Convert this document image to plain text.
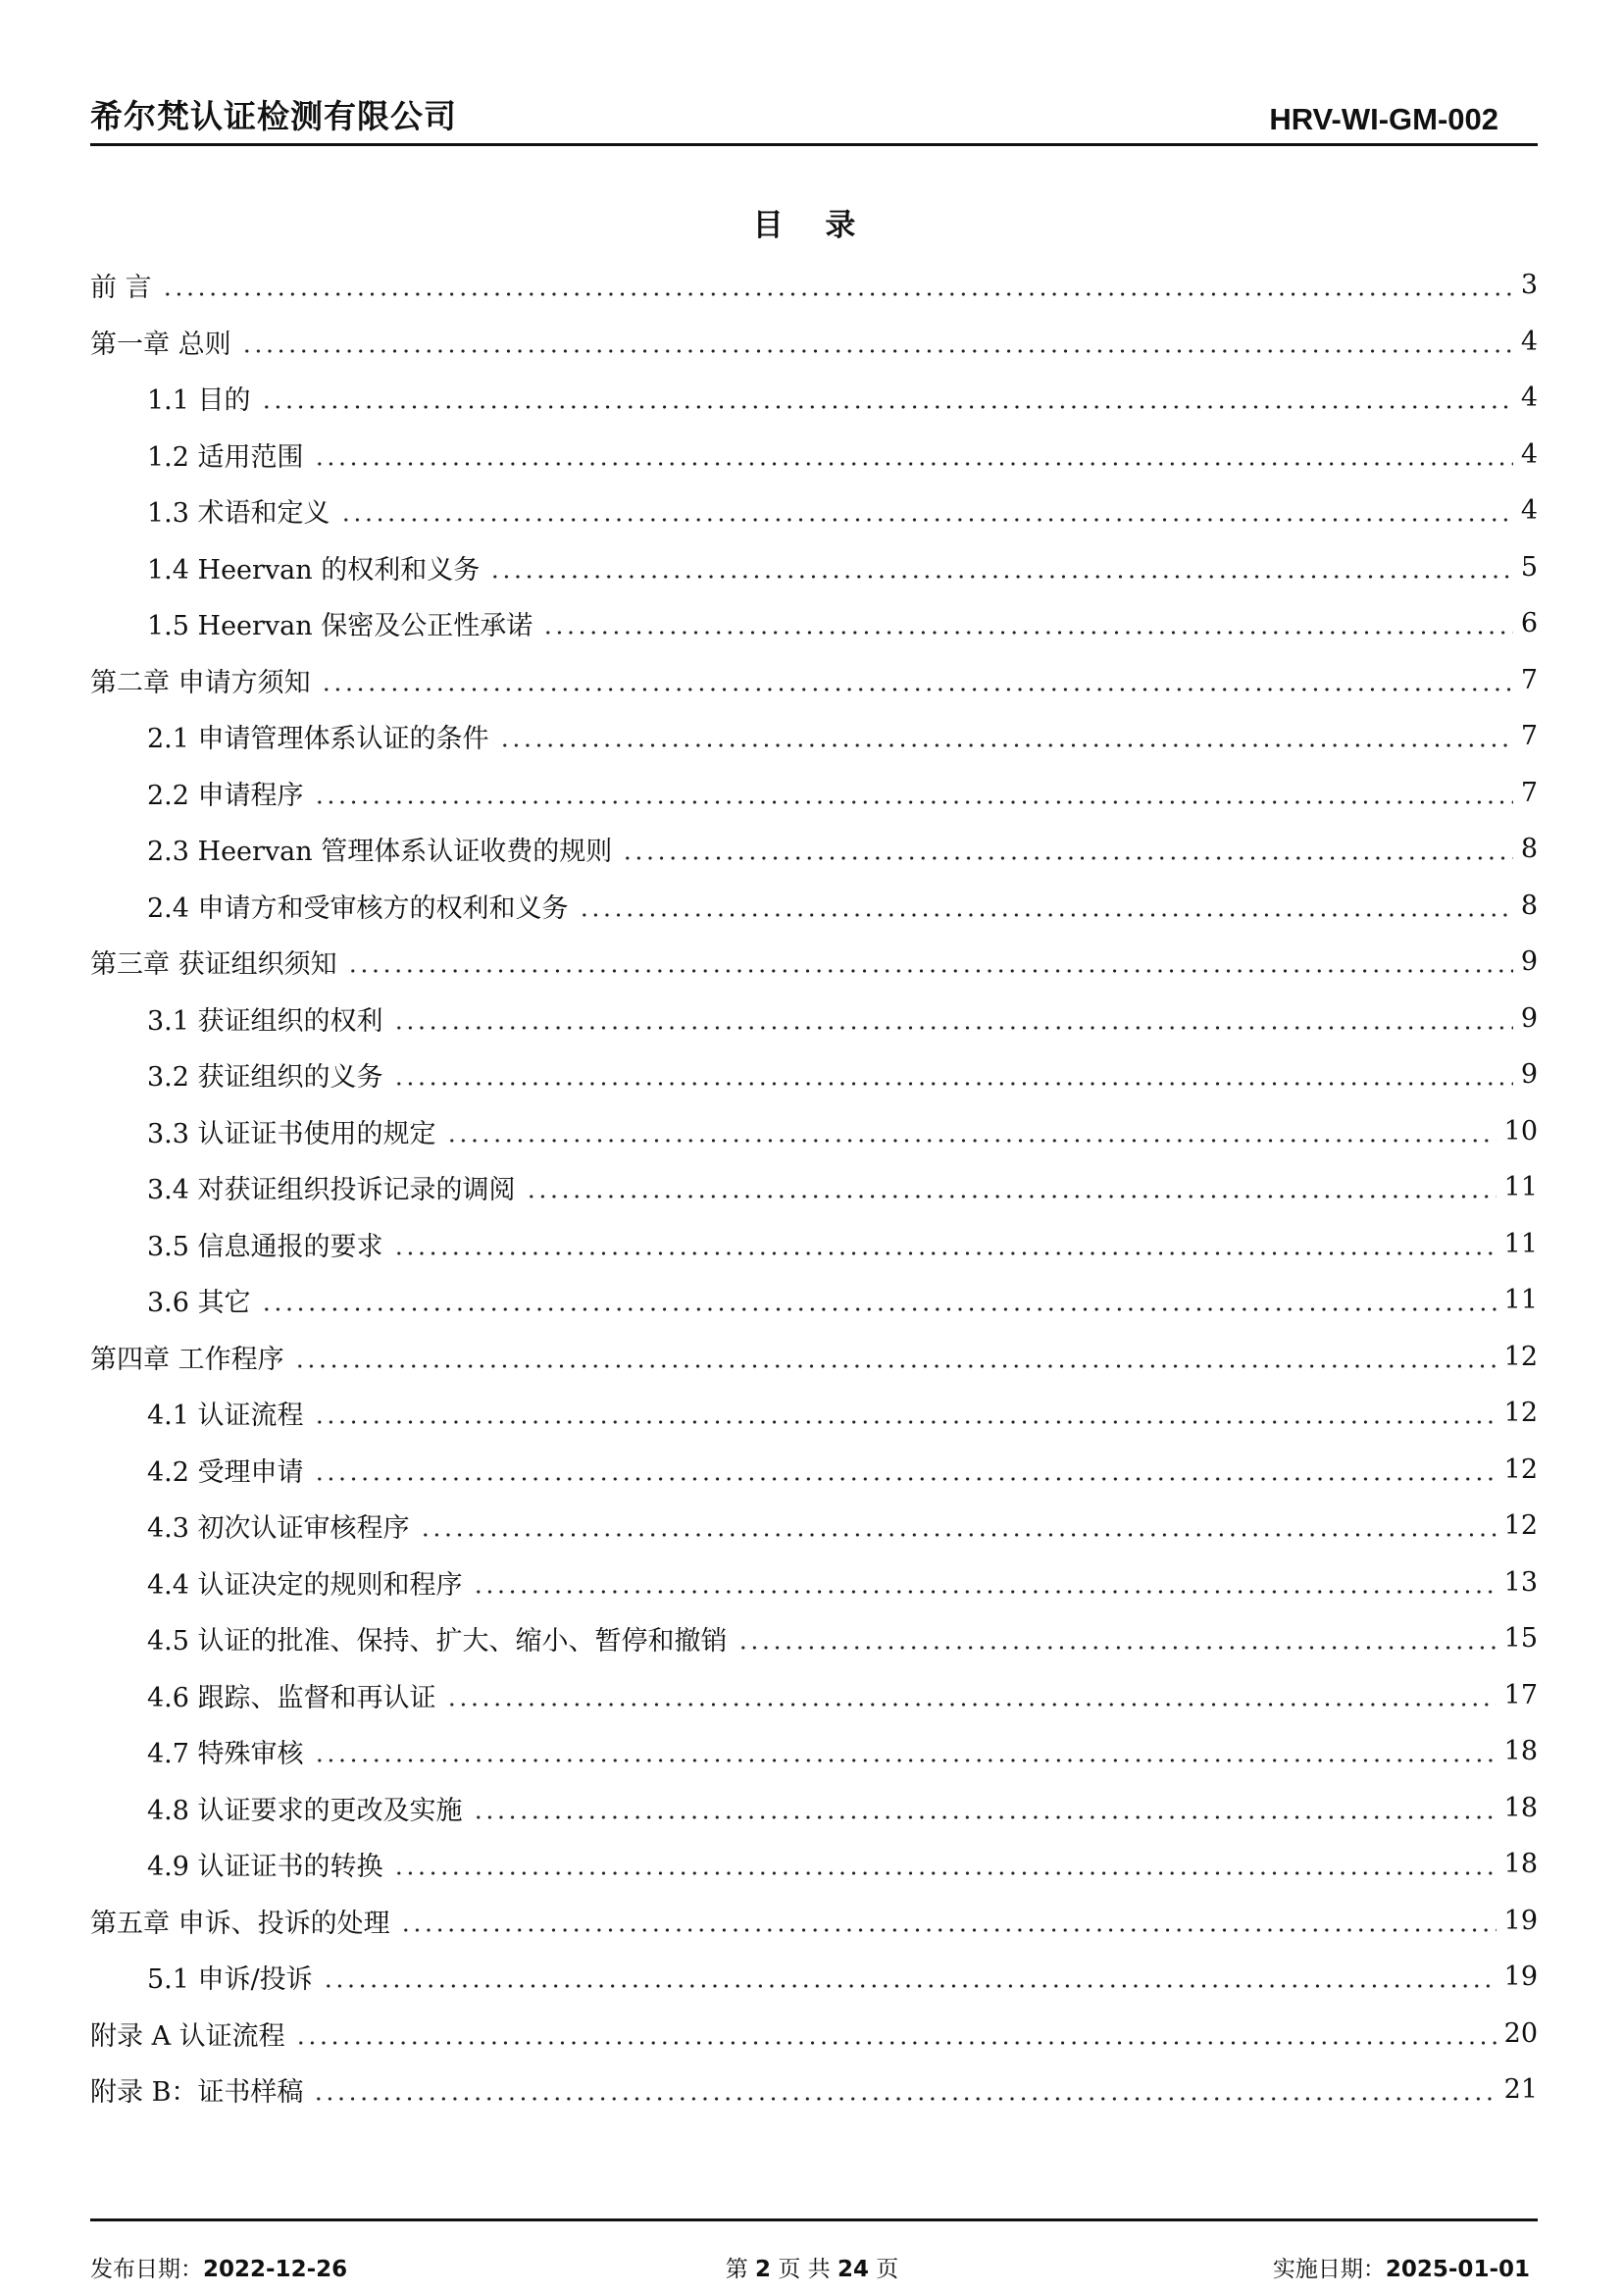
希尔梵认证检测有限公司	HRV-WI-GM-002
目 录
前 言	3
第一章 总则	4
1.1 目的	4
1.2 适用范围	4
1.3 术语和定义	4
1.4 Heervan 的权利和义务	5
1.5 Heervan 保密及公正性承诺	6
第二章 申请方须知	7
2.1 申请管理体系认证的条件	7
2.2 申请程序	7
2.3 Heervan 管理体系认证收费的规则	8
2.4 申请方和受审核方的权利和义务	8
第三章 获证组织须知	9
3.1 获证组织的权利	9
3.2 获证组织的义务	9
3.3 认证证书使用的规定	10
3.4 对获证组织投诉记录的调阅	11
3.5 信息通报的要求	11
3.6 其它	11
第四章 工作程序	12
4.1 认证流程	12
4.2 受理申请	12
4.3 初次认证审核程序	12
4.4 认证决定的规则和程序	13
4.5 认证的批准、保持、扩大、缩小、暂停和撤销	15
4.6 跟踪、监督和再认证	17
4.7 特殊审核	18
4.8 认证要求的更改及实施	18
4.9 认证证书的转换	18
第五章 申诉、投诉的处理	19
5.1 申诉/投诉	19
附录 A 认证流程	20
附录 B：证书样稿	21
发布日期：2022-12-26	第 2 页 共 24 页	实施日期：2025-01-01
